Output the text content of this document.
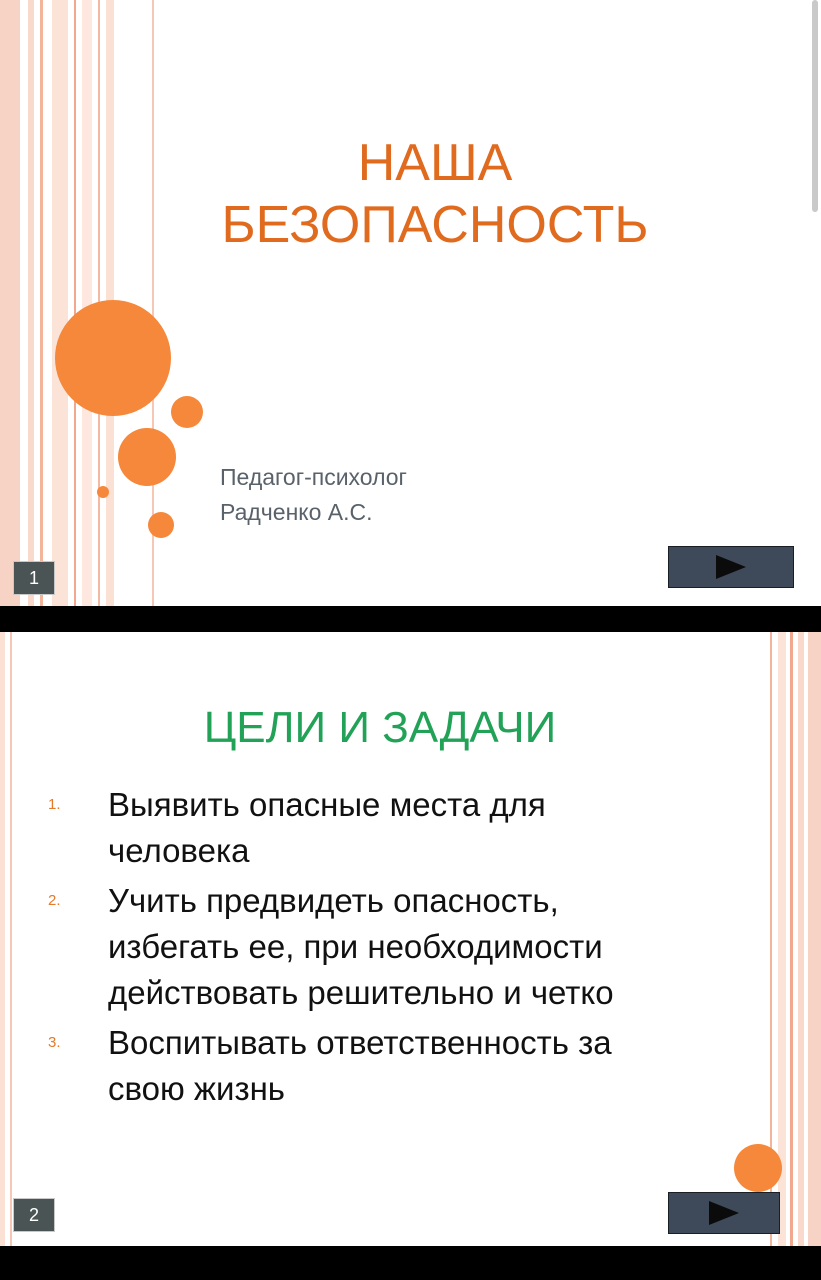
НАША
БЕЗОПАСНОСТЬ
Педагог-психолог
Радченко А.С.
1
ЦЕЛИ И ЗАДАЧИ
1. Выявить опасные места для человека
2. Учить предвидеть опасность, избегать ее, при необходимости действовать решительно и четко
3. Воспитывать ответственность за свою жизнь
2
